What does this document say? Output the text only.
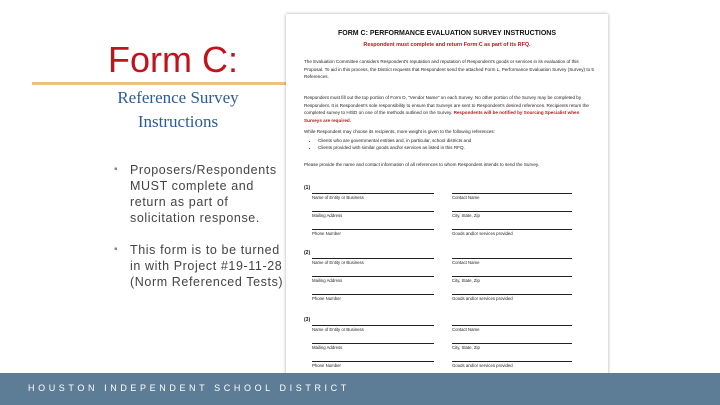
Form C:
Reference Survey
Instructions
▪ Proposers/Respondents MUST complete and return as part of solicitation response.
▪ This form is to be turned in with Project #19-11-28 (Norm Referenced Tests)
FORM C: PERFORMANCE EVALUATION SURVEY INSTRUCTIONS
Respondent must complete and return Form C as part of its RFQ.
The Evaluation Committee considers Respondent's reputation and reputation of Respondent's goods or services in its evaluation of this Proposal. To aid in this process, the District requests that Respondent send the attached Form L, Performance Evaluation Survey (Survey) to 5 References.
Respondent must fill out the top portion of Form D, "Vendor Name" on each Survey. No other portion of the Survey may be completed by Respondent. It is Respondent's sole responsibility to ensure that Surveys are sent to Respondent's desired references. Recipients return the completed survey to HISD on one of the methods outlined on the Survey. Respondents will be notified by Sourcing Specialist when Surveys are required.
While Respondent may choose its recipients, more weight is given to the following references:
• Clients who are governmental entities and, in particular, school districts and
• Clients provided with similar goods and/or services as listed in this RFQ.
Please provide the name and contact information of all references to whom Respondent intends to send the Survey.
(1)
Name of Entity or Business	Contact Name
Mailing Address	City, State, Zip
Phone Number	Goods and/or services provided
(2)
Name of Entity or Business	Contact Name
Mailing Address	City, State, Zip
Phone Number	Goods and/or services provided
(3)
Name of Entity or Business	Contact Name
Mailing Address	City, State, Zip
Phone Number	Goods and/or services provided
HOUSTON INDEPENDENT SCHOOL DISTRICT
